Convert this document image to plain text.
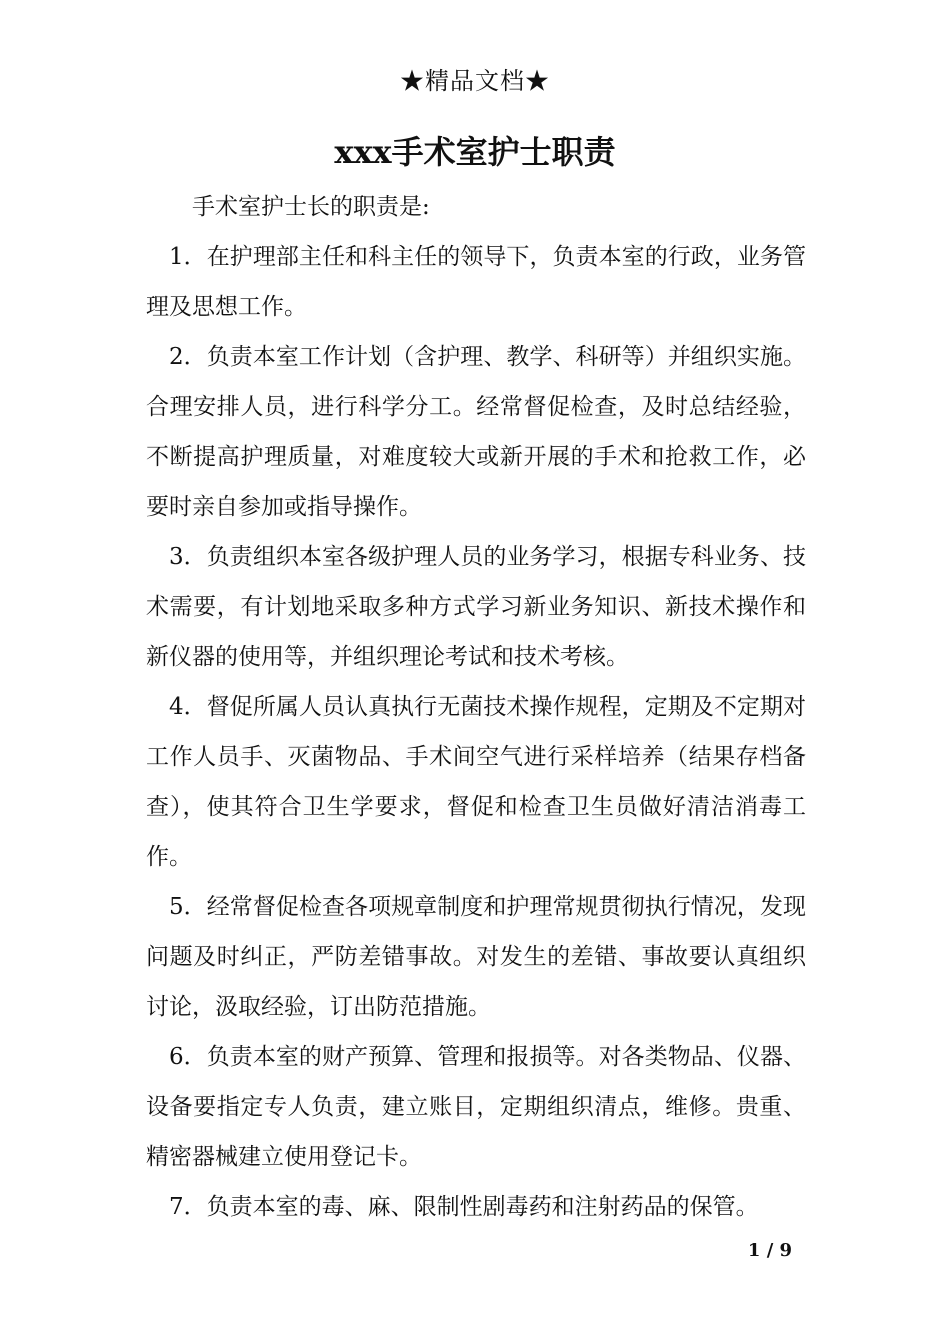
★精品文档★
xxx手术室护士职责

手术室护士长的职责是:

1．在护理部主任和科主任的领导下，负责本室的行政，业务管理及思想工作。

2．负责本室工作计划（含护理、教学、科研等）并组织实施。合理安排人员，进行科学分工。经常督促检查，及时总结经验，不断提高护理质量，对难度较大或新开展的手术和抢救工作，必要时亲自参加或指导操作。

3．负责组织本室各级护理人员的业务学习，根据专科业务、技术需要，有计划地采取多种方式学习新业务知识、新技术操作和新仪器的使用等，并组织理论考试和技术考核。

4．督促所属人员认真执行无菌技术操作规程，定期及不定期对工作人员手、灭菌物品、手术间空气进行采样培养（结果存档备查），使其符合卫生学要求，督促和检查卫生员做好清洁消毒工作。

5．经常督促检查各项规章制度和护理常规贯彻执行情况，发现问题及时纠正，严防差错事故。对发生的差错、事故要认真组织讨论，汲取经验，订出防范措施。

6．负责本室的财产预算、管理和报损等。对各类物品、仪器、设备要指定专人负责，建立账目，定期组织清点，维修。贵重、精密器械建立使用登记卡。

7．负责本室的毒、麻、限制性剧毒药和注射药品的保管。

1 / 9
